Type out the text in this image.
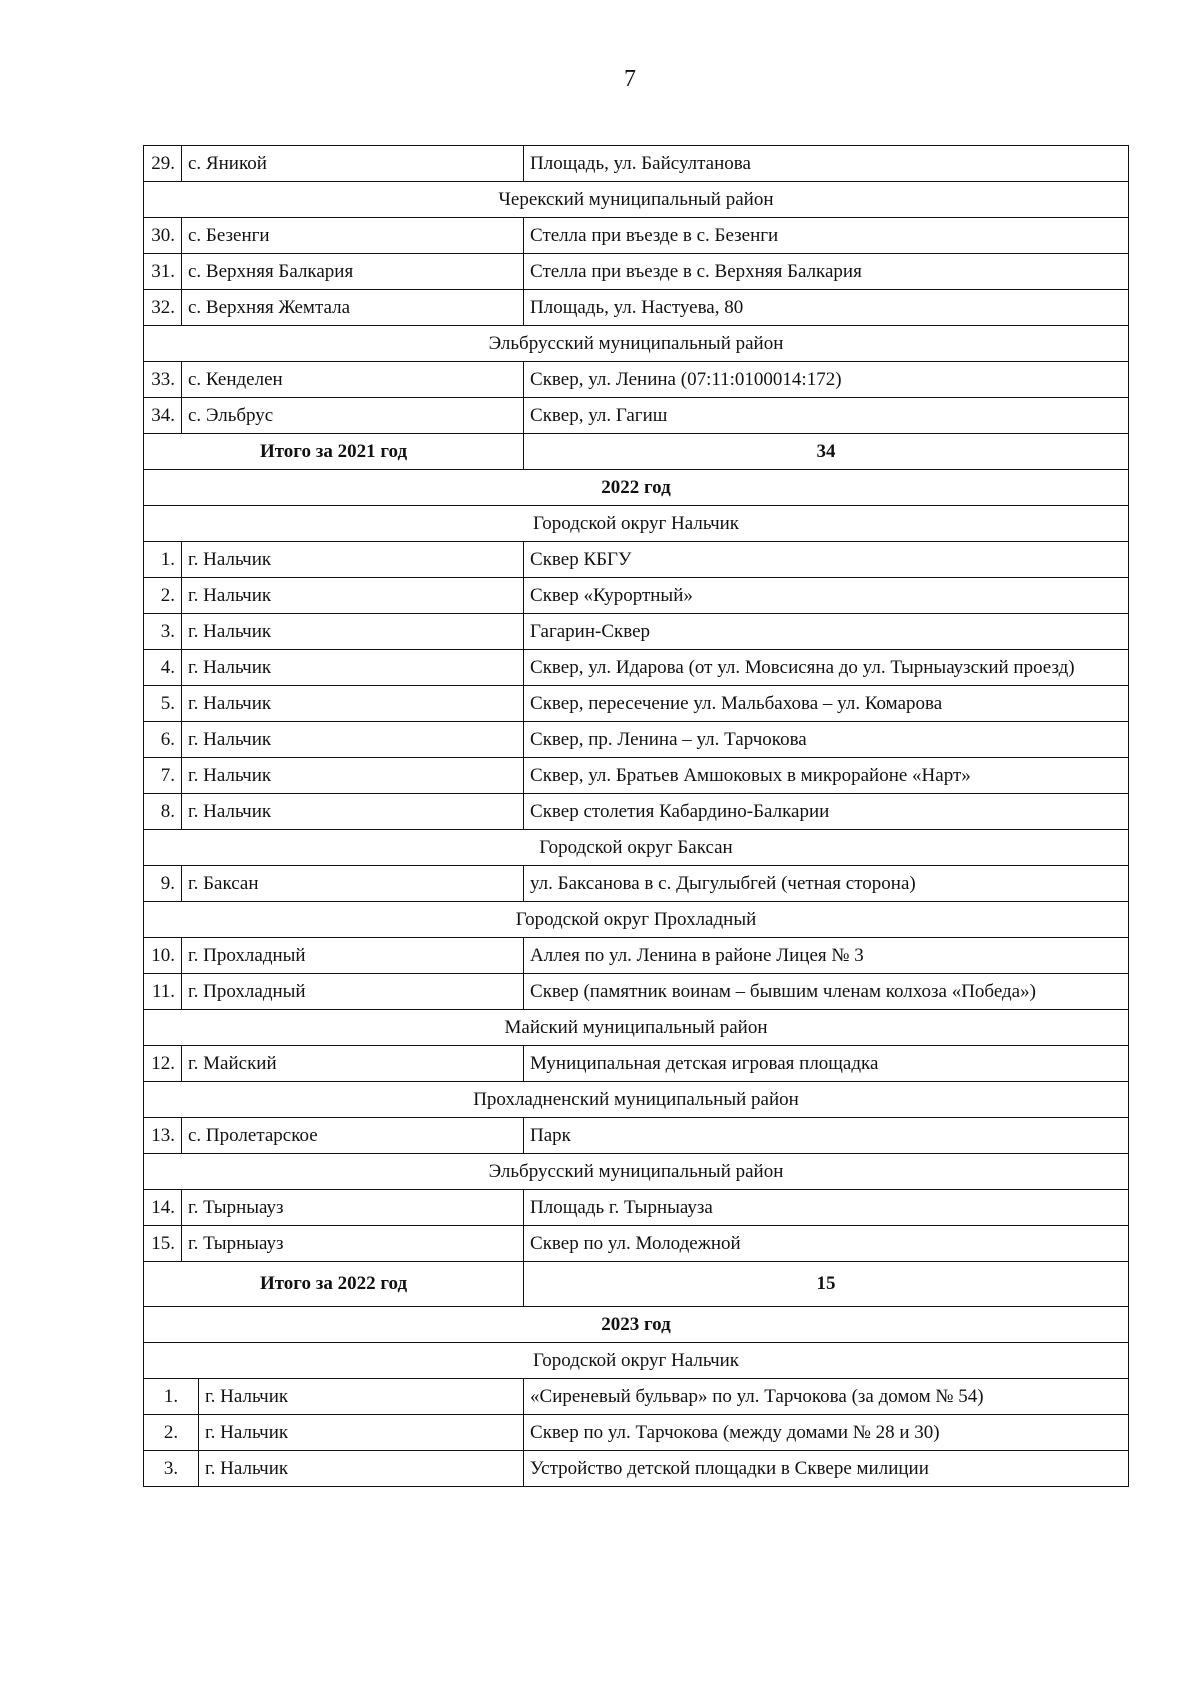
7
29.	с. Яникой		Площадь, ул. Байсултанова
Черекский муниципальный район			
30.	с. Безенги		Стелла при въезде в с. Безенги
31.	с. Верхняя Балкария		Стелла при въезде в с. Верхняя Балкария
32.	с. Верхняя Жемтала		Площадь, ул. Настуева, 80
Эльбрусский муниципальный район			
33.	с. Кенделен		Сквер, ул. Ленина (07:11:0100014:172)
34.	с. Эльбрус		Сквер, ул. Гагиш
Итого за 2021 год			34
2022 год			
Городской округ Нальчик			
1.	г. Нальчик		Сквер КБГУ
2.	г. Нальчик		Сквер «Курортный»
3.	г. Нальчик		Гагарин-Сквер
4.	г. Нальчик		Сквер, ул. Идарова (от ул. Мовсисяна до ул. Тырныаузский проезд)
5.	г. Нальчик		Сквер, пересечение ул. Мальбахова – ул. Комарова
6.	г. Нальчик		Сквер, пр. Ленина – ул. Тарчокова
7.	г. Нальчик		Сквер, ул. Братьев Амшоковых в микрорайоне «Нарт»
8.	г. Нальчик		Сквер столетия Кабардино-Балкарии
Городской округ Баксан			
9.	г. Баксан		ул. Баксанова в с. Дыгулыбгей (четная сторона)
Городской округ Прохладный			
10.	г. Прохладный		Аллея по ул. Ленина в районе Лицея № 3
11.	г. Прохладный		Сквер (памятник воинам – бывшим членам колхоза «Победа»)
Майский муниципальный район			
12.	г. Майский		Муниципальная детская игровая площадка
Прохладненский муниципальный район			
13.	с. Пролетарское		Парк
Эльбрусский муниципальный район			
14.	г. Тырныауз		Площадь г. Тырныауза
15.	г. Тырныауз		Сквер по ул. Молодежной
Итого за 2022 год			15
2023 год			
Городской округ Нальчик			
1.		г. Нальчик	«Сиреневый бульвар» по ул. Тарчокова (за домом № 54)
2.		г. Нальчик	Сквер по ул. Тарчокова (между домами № 28 и 30)
3.		г. Нальчик	Устройство детской площадки в Сквере милиции
